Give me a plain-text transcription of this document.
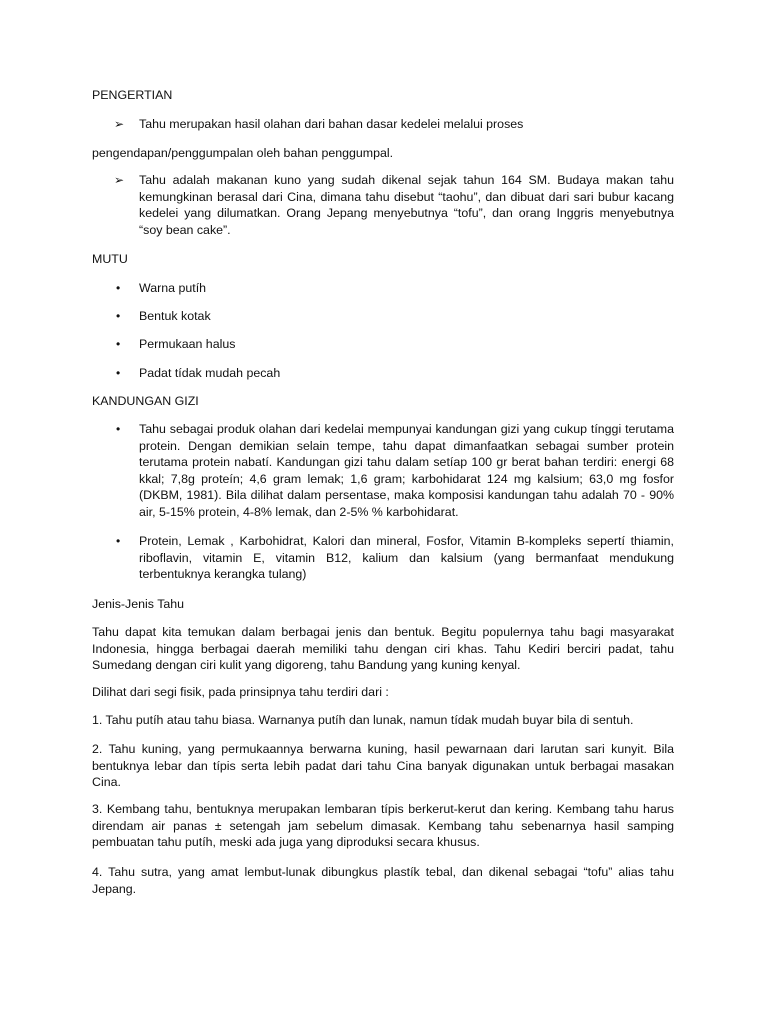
PENGERTIAN

➢ Tahu merupakan hasil olahan dari bahan dasar kedelei melalui proses

pengendapan/penggumpalan oleh bahan penggumpal.

➢ Tahu adalah makanan kuno yang sudah dikenal sejak tahun 164 SM. Budaya makan tahu kemungkinan berasal dari Cina, dimana tahu disebut “taohu”, dan dibuat dari sari bubur kacang kedelei yang dilumatkan. Orang Jepang menyebutnya “tofu”, dan orang Inggris menyebutnya “soy bean cake”.

MUTU

• Warna putíh

• Bentuk kotak

• Permukaan halus

• Padat tídak mudah pecah

KANDUNGAN GIZI

• Tahu sebagai produk olahan dari kedelai mempunyai kandungan gizi yang cukup tínggi terutama protein. Dengan demikian selain tempe, tahu dapat dimanfaatkan sebagai sumber protein terutama protein nabatí. Kandungan gizi tahu dalam setíap 100 gr berat bahan terdiri: energi 68 kkal; 7,8g proteín; 4,6 gram lemak; 1,6 gram; karbohidarat 124 mg kalsium; 63,0 mg fosfor (DKBM, 1981). Bila dilihat dalam persentase, maka komposisi kandungan tahu adalah 70 - 90% air, 5-15% protein, 4-8% lemak, dan 2-5% % karbohidarat.

• Protein, Lemak , Karbohidrat, Kalori dan mineral, Fosfor, Vitamin B-kompleks sepertí thiamin, riboflavin, vitamin E, vitamin B12, kalium dan kalsium (yang bermanfaat mendukung terbentuknya kerangka tulang)

Jenis-Jenis Tahu

Tahu dapat kita temukan dalam berbagai jenis dan bentuk. Begitu populernya tahu bagi masyarakat Indonesia, hingga berbagai daerah memiliki tahu dengan ciri khas. Tahu Kediri berciri padat, tahu Sumedang dengan ciri kulit yang digoreng, tahu Bandung yang kuning kenyal.

Dilihat dari segi fisik, pada prinsipnya tahu terdiri dari :

1. Tahu putíh atau tahu biasa. Warnanya putíh dan lunak, namun tídak mudah buyar bila di sentuh.

2. Tahu kuning, yang permukaannya berwarna kuning, hasil pewarnaan dari larutan sari kunyit. Bila bentuknya lebar dan típis serta lebih padat dari tahu Cina banyak digunakan untuk berbagai masakan Cina.

3. Kembang tahu, bentuknya merupakan lembaran típis berkerut-kerut dan kering. Kembang tahu harus direndam air panas ± setengah jam sebelum dimasak. Kembang tahu sebenarnya hasil samping pembuatan tahu putíh, meski ada juga yang diproduksi secara khusus.

4. Tahu sutra, yang amat lembut-lunak dibungkus plastík tebal, dan dikenal sebagai “tofu” alias tahu Jepang.
